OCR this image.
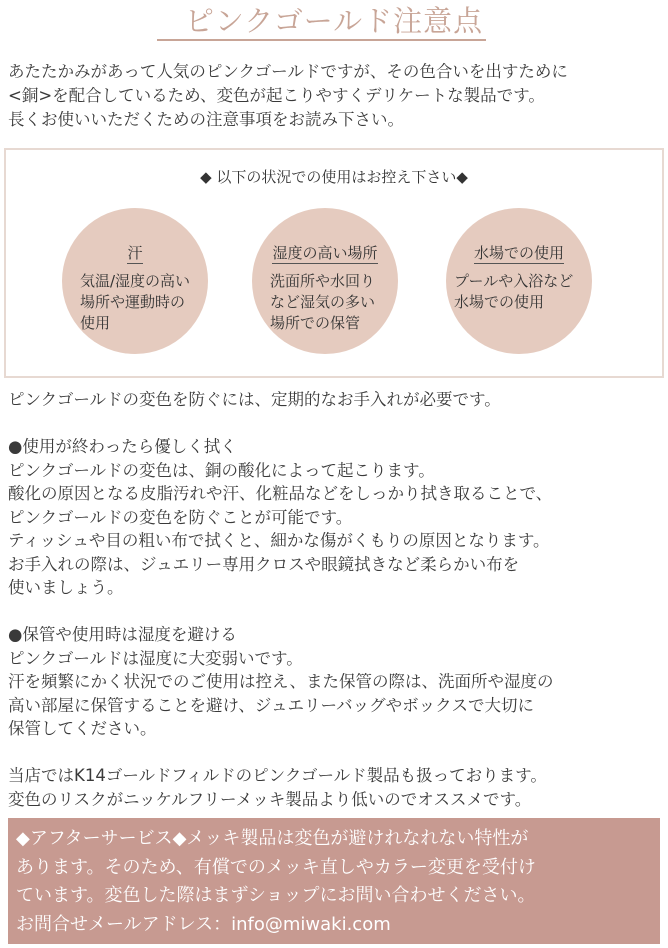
ピンクゴールド注意点
あたたかみがあって人気のピンクゴールドですが、その色合いを出すために
<銅>を配合しているため、変色が起こりやすくデリケートな製品です。
長くお使いいただくための注意事項をお読み下さい。
◆ 以下の状況での使用はお控え下さい◆
汗
気温/湿度の高い
場所や運動時の
使用
湿度の高い場所
洗面所や水回り
など湿気の多い
場所での保管
水場での使用
プールや入浴など
水場での使用
ピンクゴールドの変色を防ぐには、定期的なお手入れが必要です。
●使用が終わったら優しく拭く
ピンクゴールドの変色は、銅の酸化によって起こります。
酸化の原因となる皮脂汚れや汗、化粧品などをしっかり拭き取ることで、
ピンクゴールドの変色を防ぐことが可能です。
ティッシュや目の粗い布で拭くと、細かな傷がくもりの原因となります。
お手入れの際は、ジュエリー専用クロスや眼鏡拭きなど柔らかい布を
使いましょう。
●保管や使用時は湿度を避ける
ピンクゴールドは湿度に大変弱いです。
汗を頻繁にかく状況でのご使用は控え、また保管の際は、洗面所や湿度の
高い部屋に保管することを避け、ジュエリーバッグやボックスで大切に
保管してください。
当店ではK14ゴールドフィルドのピンクゴールド製品も扱っております。
変色のリスクがニッケルフリーメッキ製品より低いのでオススメです。
◆アフターサービス◆メッキ製品は変色が避けれなれない特性が
あります。そのため、有償でのメッキ直しやカラー変更を受付け
ています。変色した際はまずショップにお問い合わせください。
お問合せメールアドレス：info@miwaki.com
